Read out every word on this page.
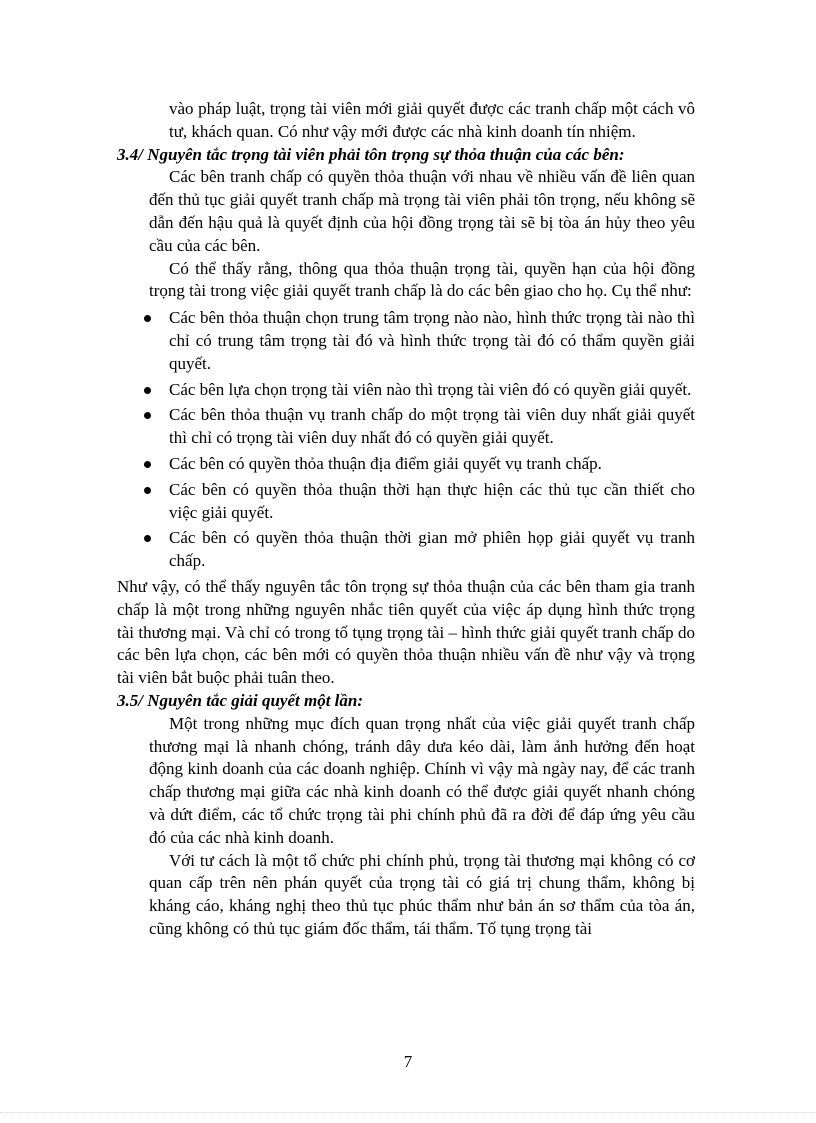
vào pháp luật, trọng tài viên mới giải quyết được các tranh chấp một cách vô tư, khách quan. Có như vậy mới được các nhà kinh doanh tín nhiệm.

3.4/ Nguyên tắc trọng tài viên phải tôn trọng sự thỏa thuận của các bên:

Các bên tranh chấp có quyền thỏa thuận với nhau về nhiều vấn đề liên quan đến thủ tục giải quyết tranh chấp mà trọng tài viên phải tôn trọng, nếu không sẽ dẫn đến hậu quả là quyết định của hội đồng trọng tài sẽ bị tòa án hủy theo yêu cầu của các bên.

Có thể thấy rằng, thông qua thỏa thuận trọng tài, quyền hạn của hội đồng trọng tài trong việc giải quyết tranh chấp là do các bên giao cho họ. Cụ thể như:

Các bên thỏa thuận chọn trung tâm trọng nào nào, hình thức trọng tài nào thì chỉ có trung tâm trọng tài đó và hình thức trọng tài đó có thẩm quyền giải quyết.
Các bên lựa chọn trọng tài viên nào thì trọng tài viên đó có quyền giải quyết.
Các bên thỏa thuận vụ tranh chấp do một trọng tài viên duy nhất giải quyết thì chỉ có trọng tài viên duy nhất đó có quyền giải quyết.
Các bên có quyền thỏa thuận địa điểm giải quyết vụ tranh chấp.
Các bên có quyền thỏa thuận thời hạn thực hiện các thủ tục cần thiết cho việc giải quyết.
Các bên có quyền thỏa thuận thời gian mở phiên họp giải quyết vụ tranh chấp.

Như vậy, có thể thấy nguyên tắc tôn trọng sự thỏa thuận của các bên tham gia tranh chấp là một trong những nguyên nhắc tiên quyết của việc áp dụng hình thức trọng tài thương mại. Và chỉ có trong tố tụng trọng tài – hình thức giải quyết tranh chấp do các bên lựa chọn, các bên mới có quyền thỏa thuận nhiều vấn đề như vậy và trọng tài viên bắt buộc phải tuân theo.

3.5/ Nguyên tắc giải quyết một lần:

Một trong những mục đích quan trọng nhất của việc giải quyết tranh chấp thương mại là nhanh chóng, tránh dây dưa kéo dài, làm ảnh hưởng đến hoạt động kinh doanh của các doanh nghiệp. Chính vì vậy mà ngày nay, để các tranh chấp thương mại giữa các nhà kinh doanh có thể được giải quyết nhanh chóng và dứt điểm, các tổ chức trọng tài phi chính phủ đã ra đời để đáp ứng yêu cầu đó của các nhà kinh doanh.

Với tư cách là một tổ chức phi chính phủ, trọng tài thương mại không có cơ quan cấp trên nên phán quyết của trọng tài có giá trị chung thẩm, không bị kháng cáo, kháng nghị theo thủ tục phúc thẩm như bản án sơ thẩm của tòa án, cũng không có thủ tục giám đốc thẩm, tái thẩm. Tố tụng trọng tài

7
